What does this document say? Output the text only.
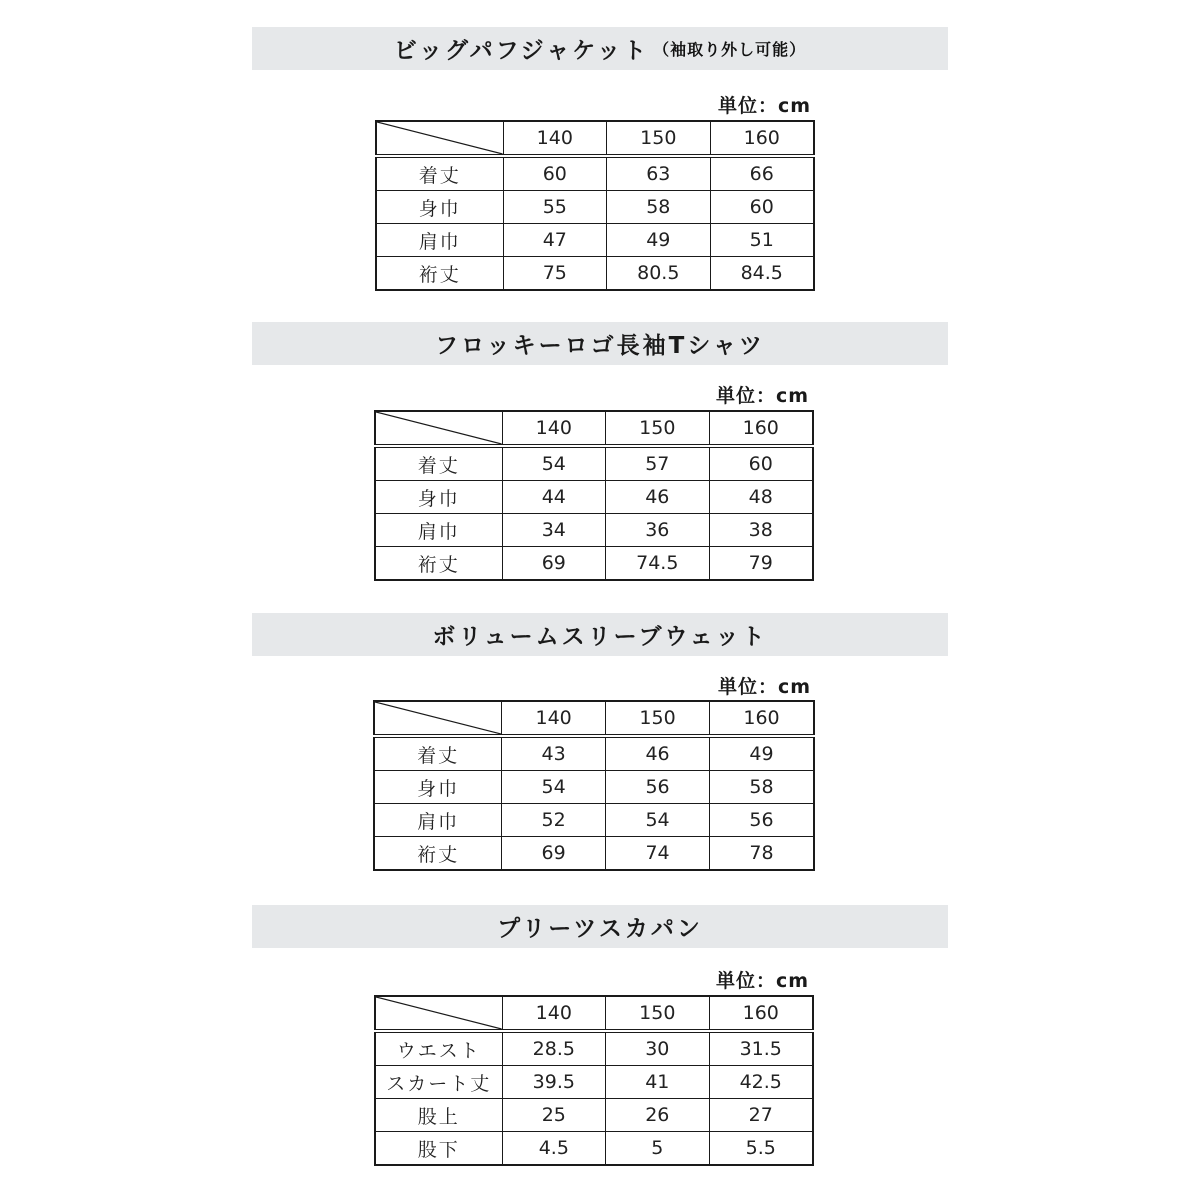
ビッグパフジャケット （袖取り外し可能）
単位：cm
	140	150	160
着丈	60	63	66
身巾	55	58	60
肩巾	47	49	51
裄丈	75	80.5	84.5
フロッキーロゴ長袖Tシャツ
単位：cm
	140	150	160
着丈	54	57	60
身巾	44	46	48
肩巾	34	36	38
裄丈	69	74.5	79
ボリュームスリーブウェット
単位：cm
	140	150	160
着丈	43	46	49
身巾	54	56	58
肩巾	52	54	56
裄丈	69	74	78
プリーツスカパン
単位：cm
	140	150	160
ウエスト	28.5	30	31.5
スカート丈	39.5	41	42.5
股上	25	26	27
股下	4.5	5	5.5
